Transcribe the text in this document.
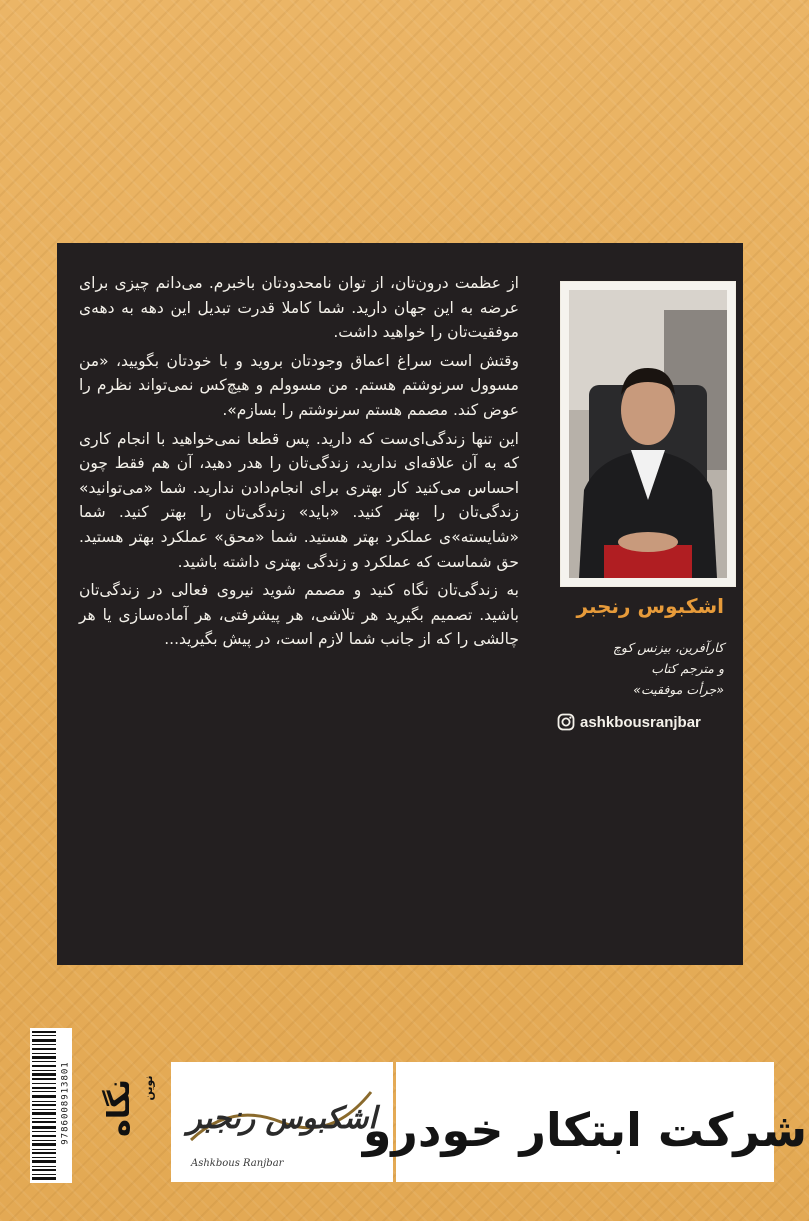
از عظمت درون‌تان، از توان نامحدودتان باخبرم. می‌دانم چیزی برای عرضه به این جهان دارید. شما کاملا قدرت تبدیل این دهه به دهه‌ی موفقیت‌تان را خواهید داشت.

وقتش است سراغ اعماق وجودتان بروید و با خودتان بگویید، «من مسوول سرنوشتم هستم. من مسوولم و هیچ‌کس نمی‌تواند نظرم را عوض کند. مصمم هستم سرنوشتم را بسازم».

این تنها زندگی‌ای‌ست که دارید. پس قطعا نمی‌خواهید با انجام کاری که به آن علاقه‌ای ندارید، زندگی‌تان را هدر دهید، آن هم فقط چون احساس می‌کنید کار بهتری برای انجام‌دادن ندارید. شما «می‌توانید» زندگی‌تان را بهتر کنید. «باید» زندگی‌تان را بهتر کنید. شما «شایسته»ی عملکرد بهتر هستید. شما «محق» عملکرد بهتر هستید. حق شماست که عملکرد و زندگی بهتری داشته باشید.

به زندگی‌تان نگاه کنید و مصمم شوید نیروی فعالی در زندگی‌تان باشید. تصمیم بگیرید هر تلاشی، هر پیشرفتی، هر آماده‌سازی یا هر چالشی را که از جانب شما لازم است، در پیش بگیرید...

اشکبوس رنجبر
کارآفرین، بیزنس کوچ
و مترجم کتاب
«جرأت موفقیت»
ashkbousranjbar
9786008913801 نگاه نوین
اشکبوس رنجبر
Ashkbous Ranjbar
شرکت ابتکار خودرو
